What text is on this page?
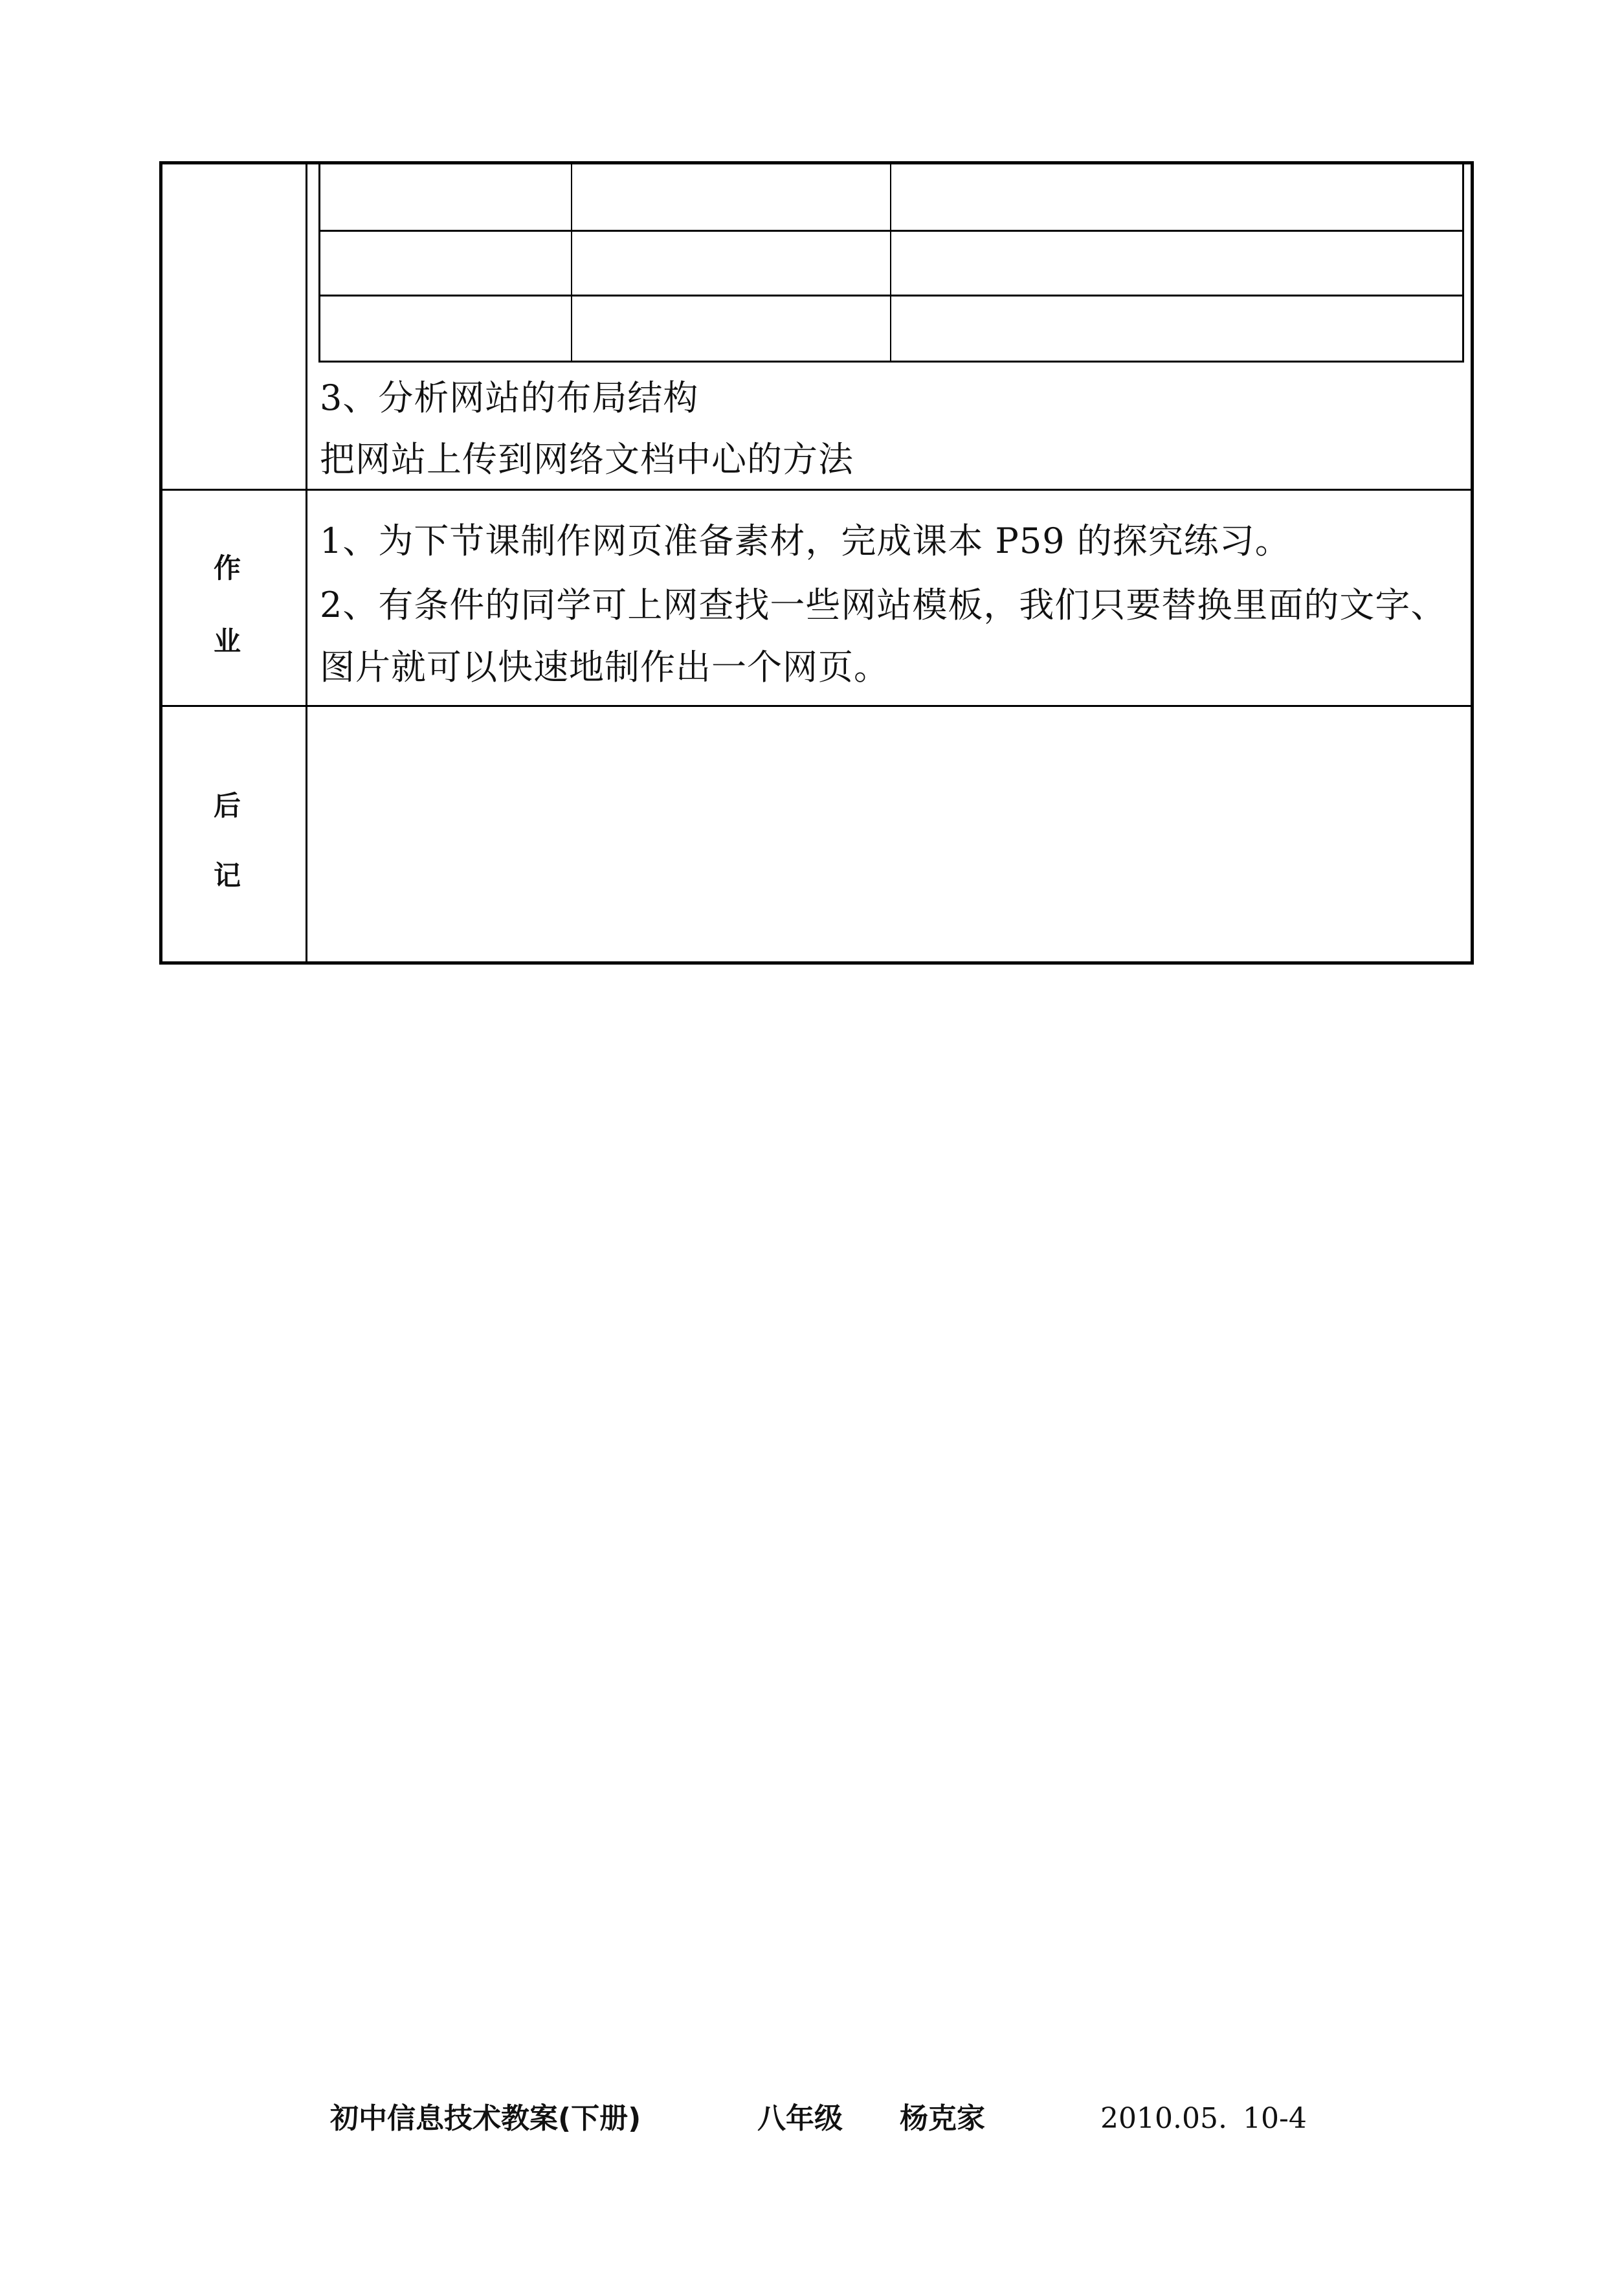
3、分析网站的布局结构
把网站上传到网络文档中心的方法
作
业
1、为下节课制作网页准备素材，完成课本 P59 的探究练习。
2、有条件的同学可上网查找一些网站模板，我们只要替换里面的文字、
图片就可以快速地制作出一个网页。
后
记
初中信息技术教案(下册)	八年级 杨克家	2010.05. 10-4
